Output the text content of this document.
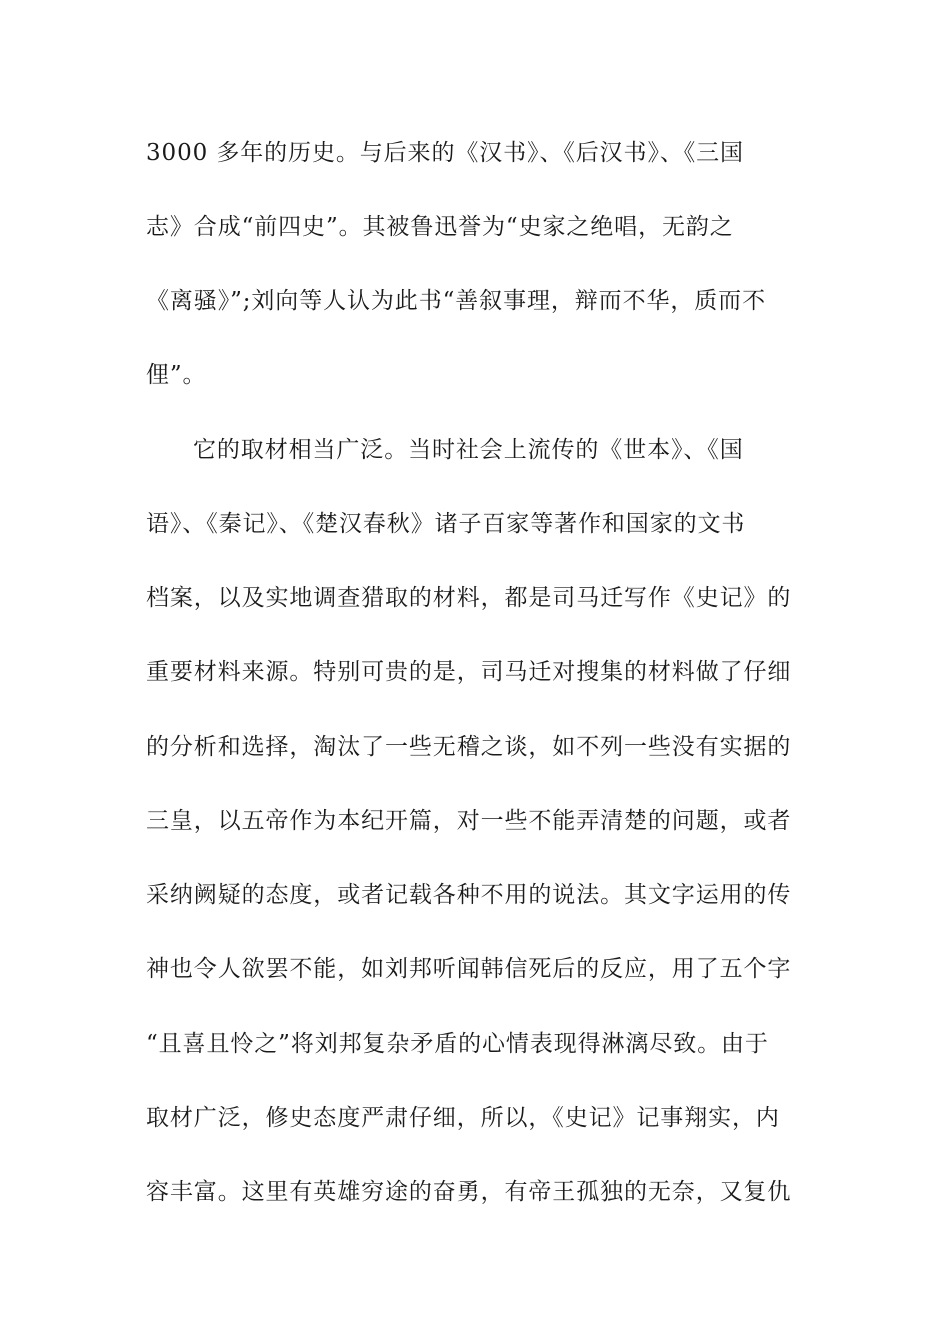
3000 多年的历史。与后来的《汉书》、《后汉书》、《三国
志》合成“前四史”。其被鲁迅誉为“史家之绝唱，无韵之
《离骚》”;刘向等人认为此书“善叙事理，辩而不华，质而不
俚”。
它的取材相当广泛。当时社会上流传的《世本》、《国
语》、《秦记》、《楚汉春秋》诸子百家等著作和国家的文书
档案，以及实地调查猎取的材料，都是司马迁写作《史记》的
重要材料来源。特别可贵的是，司马迁对搜集的材料做了仔细
的分析和选择，淘汰了一些无稽之谈，如不列一些没有实据的
三皇，以五帝作为本纪开篇，对一些不能弄清楚的问题，或者
采纳阙疑的态度，或者记载各种不用的说法。其文字运用的传
神也令人欲罢不能，如刘邦听闻韩信死后的反应，用了五个字
“且喜且怜之”将刘邦复杂矛盾的心情表现得淋漓尽致。由于
取材广泛，修史态度严肃仔细，所以，《史记》记事翔实，内
容丰富。这里有英雄穷途的奋勇，有帝王孤独的无奈，又复仇
